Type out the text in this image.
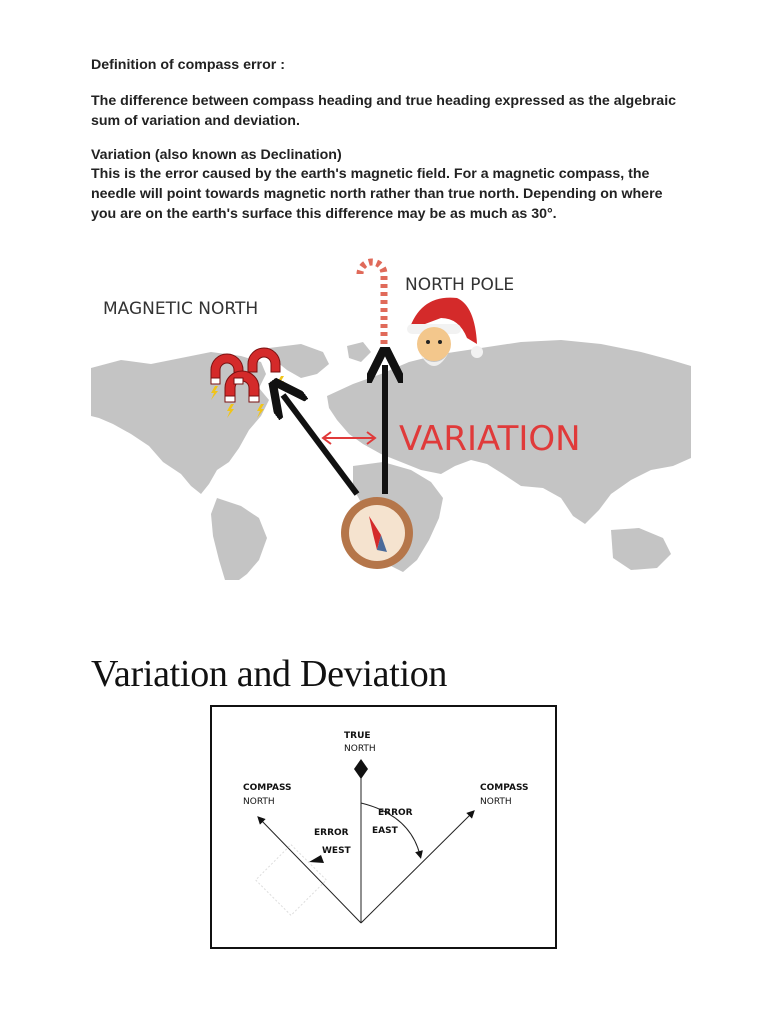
Definition of compass error :
The difference between compass heading and true heading expressed as the algebraic sum of variation and deviation.
Variation (also known as Declination)
This is the error caused by the earth's magnetic field. For a magnetic compass, the needle will point towards magnetic north rather than true north. Depending on where you are on the earth's surface this difference may be as much as 30°.
MAGNETIC NORTH
NORTH POLE
VARIATION
Variation and Deviation
TRUE
NORTH
COMPASS
NORTH
COMPASS
NORTH
ERROR
WEST
ERROR
EAST
